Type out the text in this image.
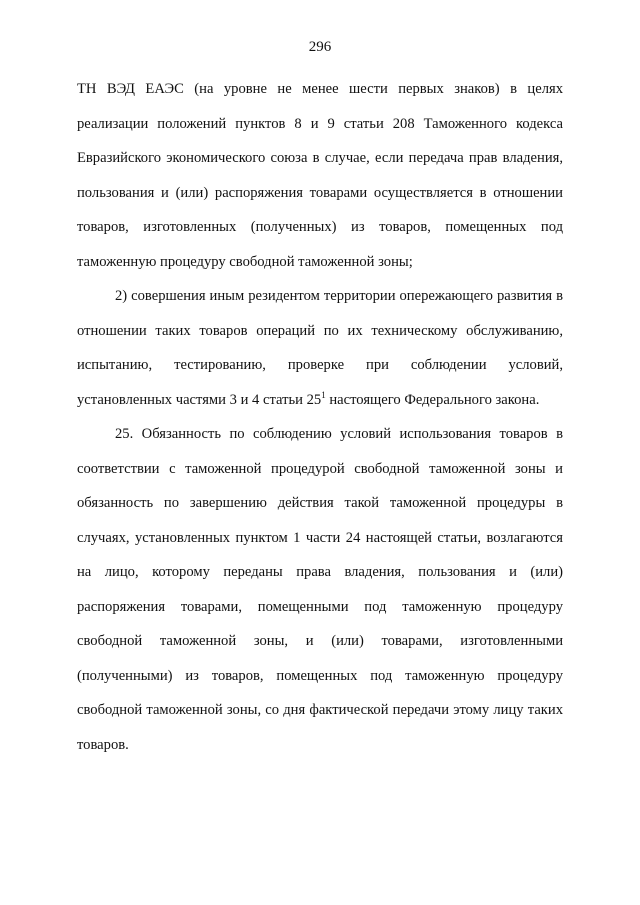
296

ТН ВЭД ЕАЭС (на уровне не менее шести первых знаков) в целях реализации положений пунктов 8 и 9 статьи 208 Таможенного кодекса Евразийского экономического союза в случае, если передача прав владения, пользования и (или) распоряжения товарами осуществляется в отношении товаров, изготовленных (полученных) из товаров, помещенных под таможенную процедуру свободной таможенной зоны;

2) совершения иным резидентом территории опережающего развития в отношении таких товаров операций по их техническому обслуживанию, испытанию, тестированию, проверке при соблюдении условий, установленных частями 3 и 4 статьи $25^1$ настоящего Федерального закона.

25. Обязанность по соблюдению условий использования товаров в соответствии с таможенной процедурой свободной таможенной зоны и обязанность по завершению действия такой таможенной процедуры в случаях, установленных пунктом 1 части 24 настоящей статьи, возлагаются на лицо, которому переданы права владения, пользования и (или) распоряжения товарами, помещенными под таможенную процедуру свободной таможенной зоны, и (или) товарами, изготовленными (полученными) из товаров, помещенных под таможенную процедуру свободной таможенной зоны, со дня фактической передачи этому лицу таких товаров.
